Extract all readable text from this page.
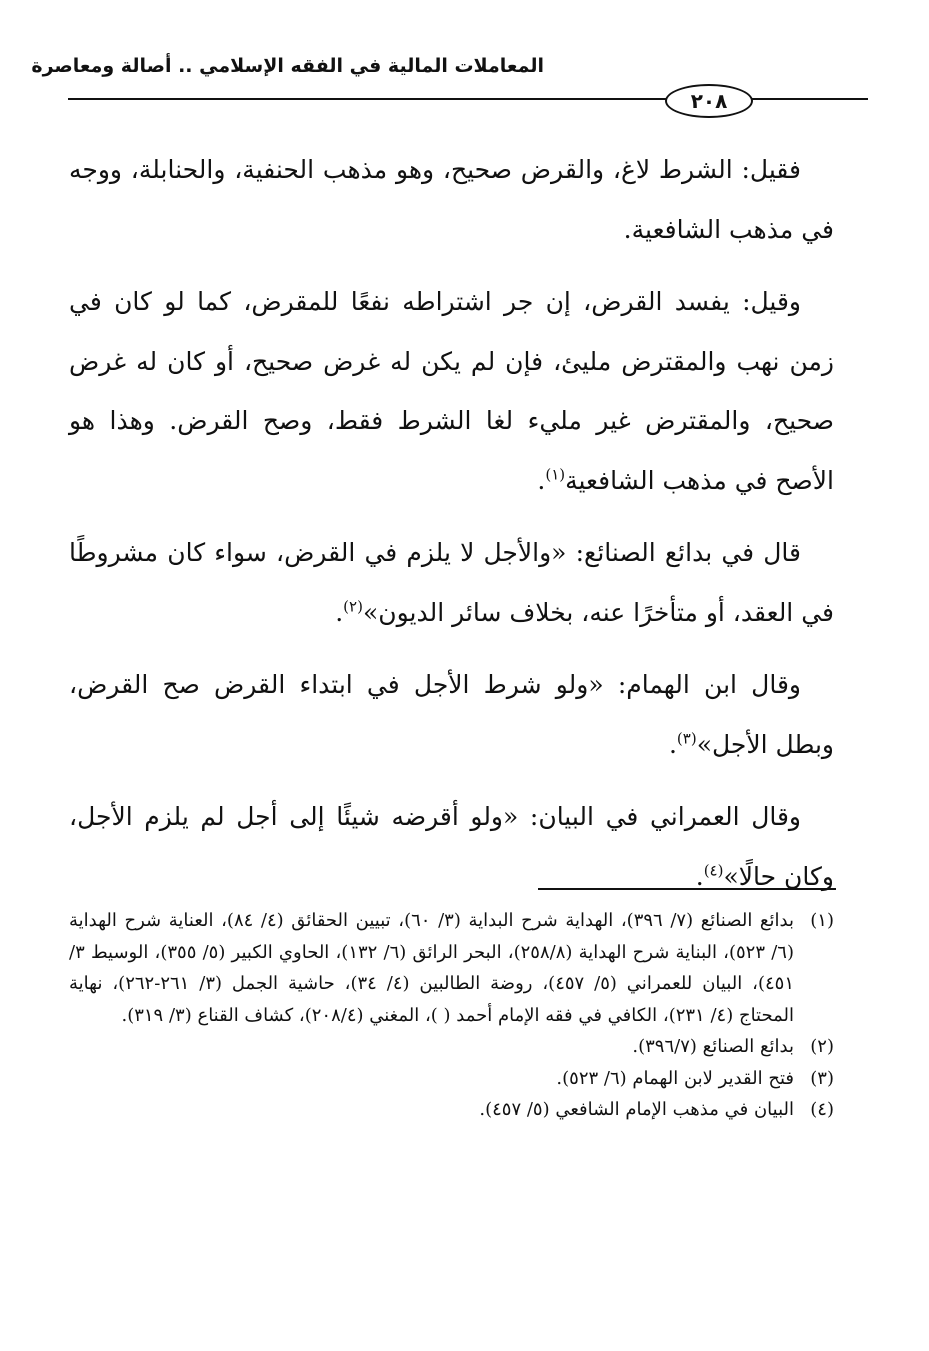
المعاملات المالية في الفقه الإسلامي .. أصالة ومعاصرة
٢٠٨

فقيل: الشرط لاغ، والقرض صحيح، وهو مذهب الحنفية، والحنابلة، ووجه في مذهب الشافعية.

وقيل: يفسد القرض، إن جر اشتراطه نفعًا للمقرض، كما لو كان في زمن نهب والمقترض مليئ، فإن لم يكن له غرض صحيح، أو كان له غرض صحيح، والمقترض غير مليء لغا الشرط فقط، وصح القرض. وهذا هو الأصح في مذهب الشافعية$^{(١)}$.

قال في بدائع الصنائع: «والأجل لا يلزم في القرض، سواء كان مشروطًا في العقد، أو متأخرًا عنه، بخلاف سائر الديون»$^{(٢)}$.

وقال ابن الهمام: «ولو شرط الأجل في ابتداء القرض صح القرض، وبطل الأجل»$^{(٣)}$.

وقال العمراني في البيان: «ولو أقرضه شيئًا إلى أجل لم يلزم الأجل، وكان حالًا»$^{(٤)}$.

(١)
بدائع الصنائع (٧/ ٣٩٦)، الهداية شرح البداية (٣/ ٦٠)، تبيين الحقائق (٤/ ٨٤)، العناية شرح الهداية (٦/ ٥٢٣)، البناية شرح الهداية (٢٥٨/٨)، البحر الرائق (٦/ ١٣٢)، الحاوي الكبير (٥/ ٣٥٥)، الوسيط ٣/ ٤٥١)، البيان للعمراني (٥/ ٤٥٧)، روضة الطالبين (٤/ ٣٤)، حاشية الجمل (٣/ ٢٦١-٢٦٢)، نهاية المحتاج (٤/ ٢٣١)، الكافي في فقه الإمام أحمد ( )، المغني (٢٠٨/٤)، كشاف القناع (٣/ ٣١٩).
(٢)
بدائع الصنائع (٣٩٦/٧).
(٣)
فتح القدير لابن الهمام (٦/ ٥٢٣).
(٤)
البيان في مذهب الإمام الشافعي (٥/ ٤٥٧).
